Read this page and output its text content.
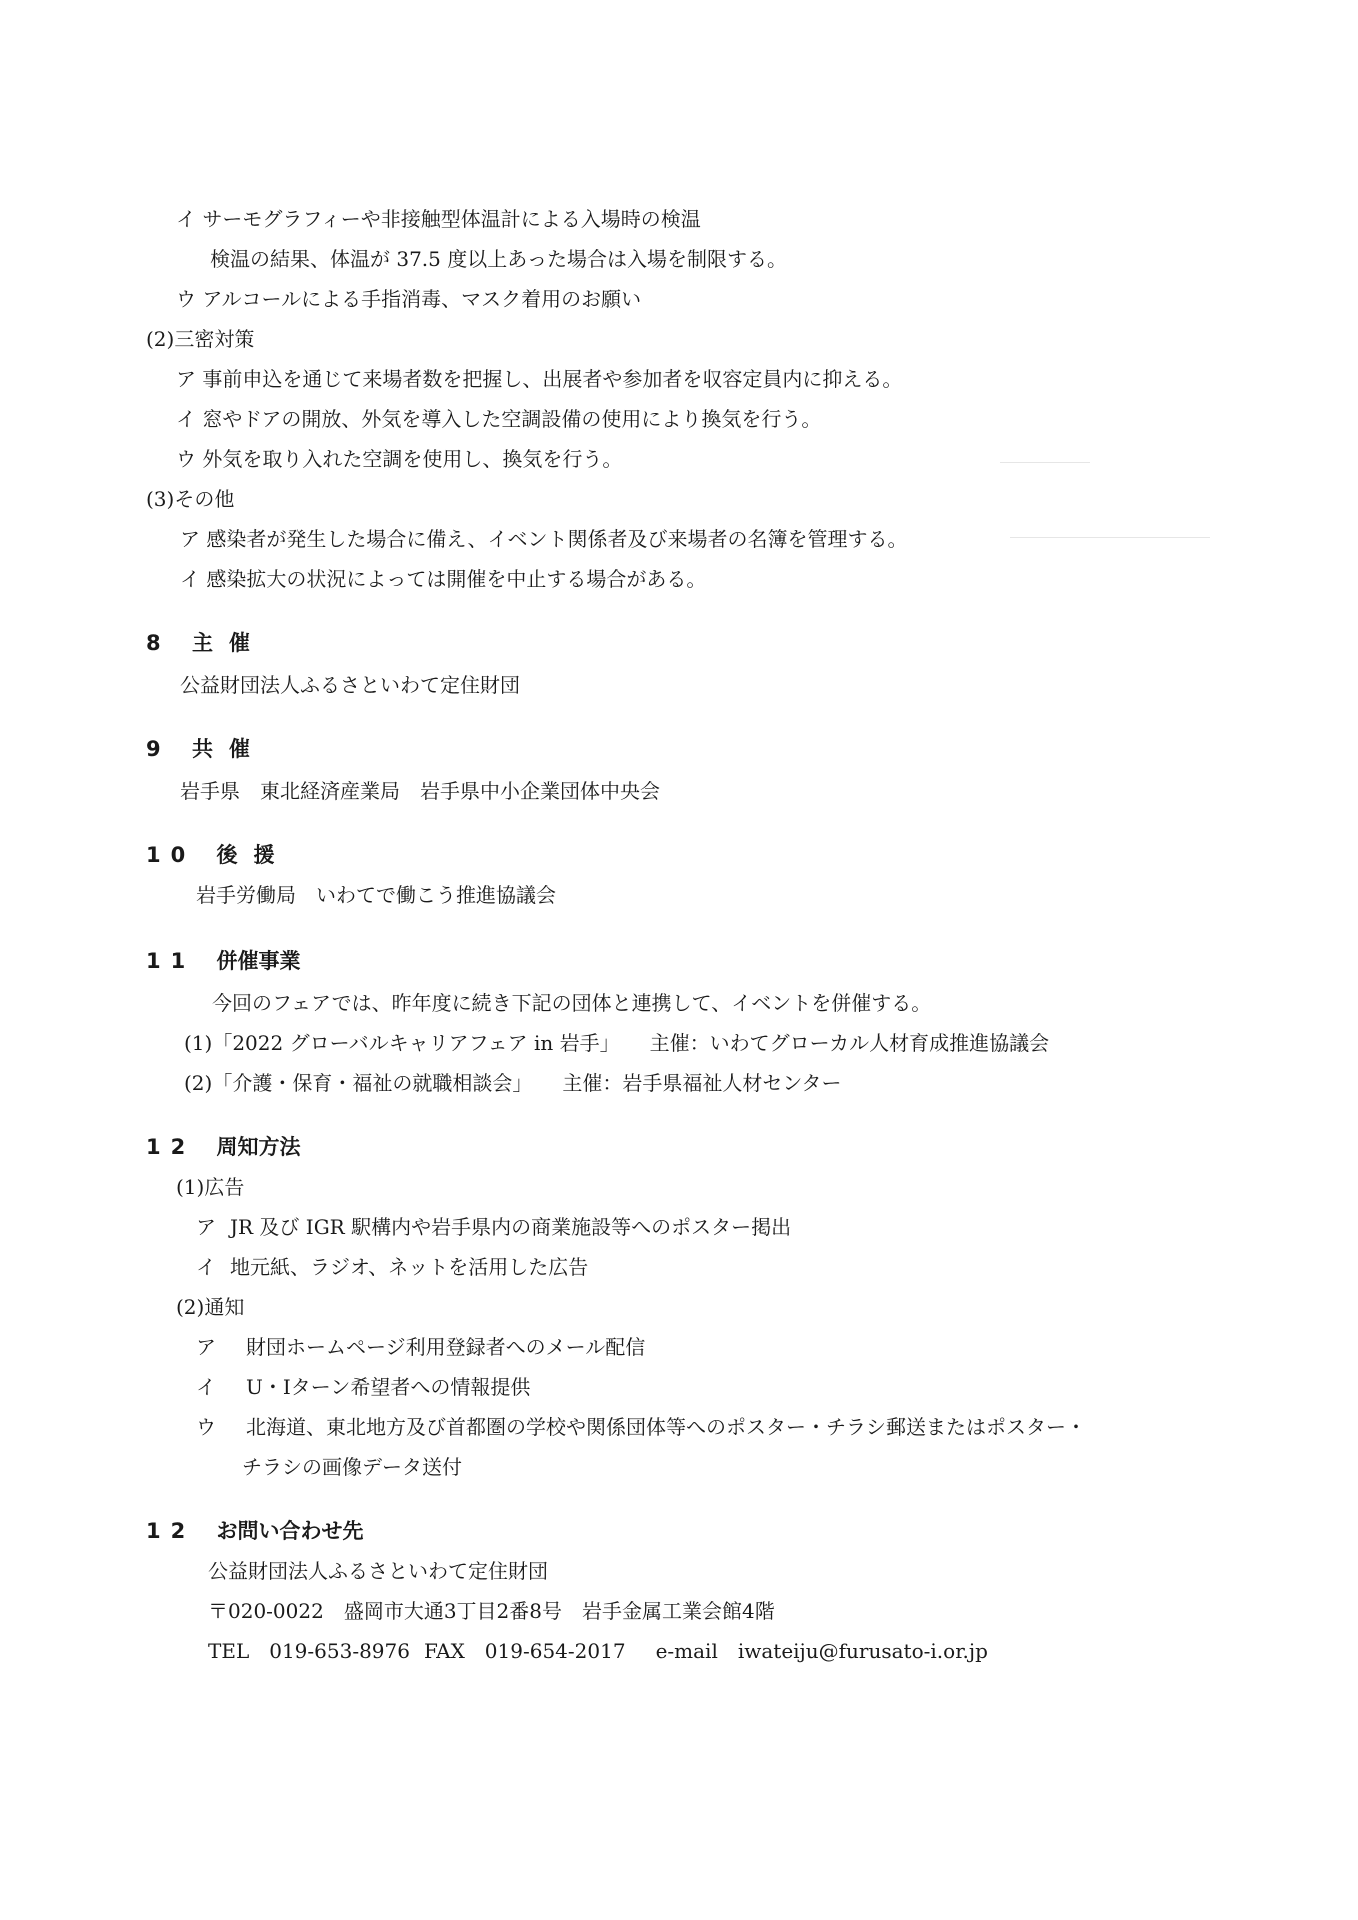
イ サーモグラフィーや非接触型体温計による入場時の検温
検温の結果、体温が 37.5 度以上あった場合は入場を制限する。
ウ アルコールによる手指消毒、マスク着用のお願い
(2)三密対策
ア 事前申込を通じて来場者数を把握し、出展者や参加者を収容定員内に抑える。
イ 窓やドアの開放、外気を導入した空調設備の使用により換気を行う。
ウ 外気を取り入れた空調を使用し、換気を行う。
(3)その他
ア 感染者が発生した場合に備え、イベント関係者及び来場者の名簿を管理する。
イ 感染拡大の状況によっては開催を中止する場合がある。
8 主催
公益財団法人ふるさといわて定住財団
9 共催
岩手県　東北経済産業局　岩手県中小企業団体中央会
10 後援
岩手労働局　いわてで働こう推進協議会
11 併催事業
今回のフェアでは、昨年度に続き下記の団体と連携して、イベントを併催する。
(1)「2022 グローバルキャリアフェア in 岩手」 主催：いわてグローカル人材育成推進協議会
(2)「介護・保育・福祉の就職相談会」 主催：岩手県福祉人材センター
12 周知方法
(1)広告
ア JR 及び IGR 駅構内や岩手県内の商業施設等へのポスター掲出
イ 地元紙、ラジオ、ネットを活用した広告
(2)通知
ア 財団ホームページ利用登録者へのメール配信
イ U・Iターン希望者への情報提供
ウ 北海道、東北地方及び首都圏の学校や関係団体等へのポスター・チラシ郵送またはポスター・
チラシの画像データ送付
12 お問い合わせ先
公益財団法人ふるさといわて定住財団
〒020-0022　盛岡市大通3丁目2番8号　岩手金属工業会館4階
TEL　019-653-8976 FAX　019-654-2017 e-mail　iwateiju@furusato-i.or.jp
